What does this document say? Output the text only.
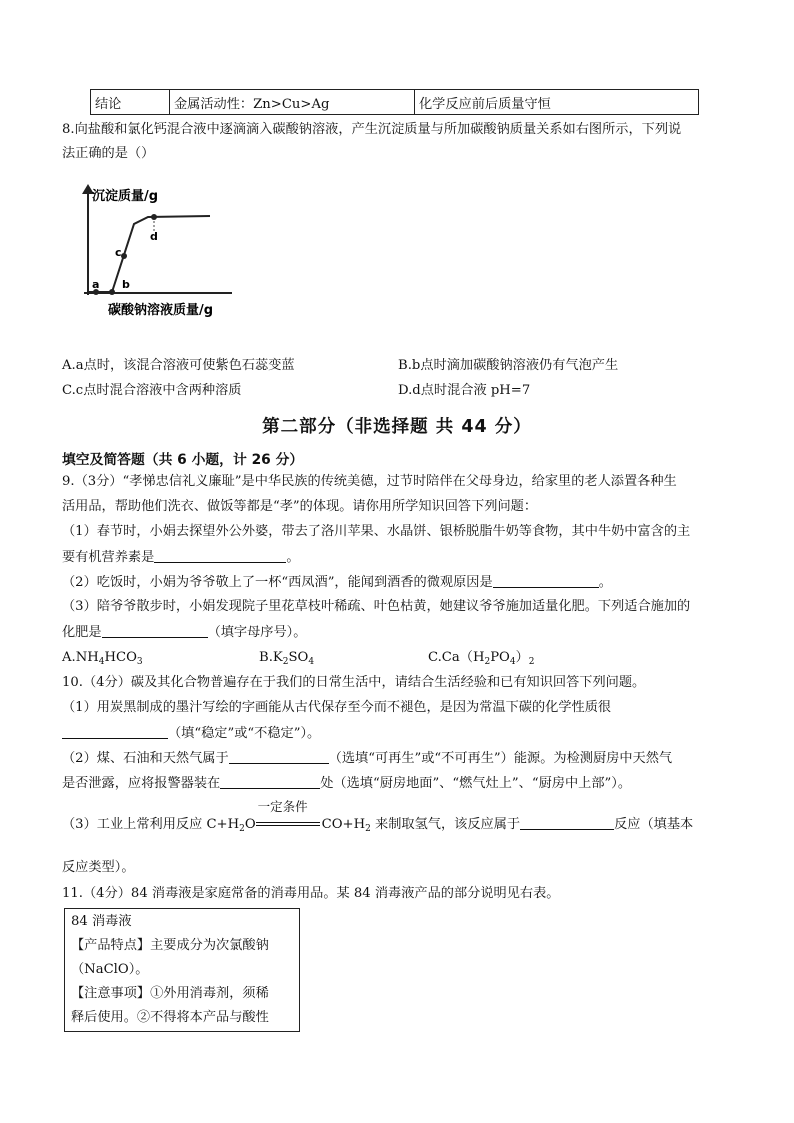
结论	金属活动性：Zn>Cu>Ag	化学反应前后质量守恒
8.向盐酸和氯化钙混合液中逐滴滴入碳酸钠溶液，产生沉淀质量与所加碳酸钠质量关系如右图所示，下列说
法正确的是（）
a b
c
d
沉淀质量/g
碳酸钠溶液质量/g
A.a点时，该混合溶液可使紫色石蕊变蓝	B.b点时滴加碳酸钠溶液仍有气泡产生
C.c点时混合溶液中含两种溶质	D.d点时混合液 pH=7
第二部分（非选择题 共 44 分）
填空及简答题（共 6 小题，计 26 分）
9.（3分）“孝悌忠信礼义廉耻”是中华民族的传统美德，过节时陪伴在父母身边，给家里的老人添置各种生
活用品，帮助他们洗衣、做饭等都是“孝”的体现。请你用所学知识回答下列问题：
（1）春节时，小娟去探望外公外婆，带去了洛川苹果、水晶饼、银桥脱脂牛奶等食物，其中牛奶中富含的主
要有机营养素是	。
（2）吃饭时，小娟为爷爷敬上了一杯“西凤酒”，能闻到酒香的微观原因是	。
（3）陪爷爷散步时，小娟发现院子里花草枝叶稀疏、叶色枯黄，她建议爷爷施加适量化肥。下列适合施加的
化肥是	（填字母序号）。
$A.NH_4HCO_3$	$B.K_2SO_4$	$C.Ca(H_2PO_4)_2$
10.（4分）碳及其化合物普遍存在于我们的日常生活中，请结合生活经验和已有知识回答下列问题。
（1）用炭黑制成的墨汁写绘的字画能从古代保存至今而不褪色，是因为常温下碳的化学性质很
（填“稳定”或“不稳定”）。
（2）煤、石油和天然气属于	（选填“可再生”或“不可再生”）能源。为检测厨房中天然气
是否泄露，应将报警器装在	处（选填“厨房地面”、“燃气灶上”、“厨房中上部”）。
（3）工业上常利用反应 $C+H_2O$
一定条件
$CO+H_2$ 来制取氢气，该反应属于	反应（填基本
反应类型）。
11.（4分）84 消毒液是家庭常备的消毒用品。某 84 消毒液产品的部分说明见右表。
84 消毒液
【产品特点】主要成分为次氯酸钠
（NaClO）。
【注意事项】①外用消毒剂，须稀
释后使用。②不得将本产品与酸性
